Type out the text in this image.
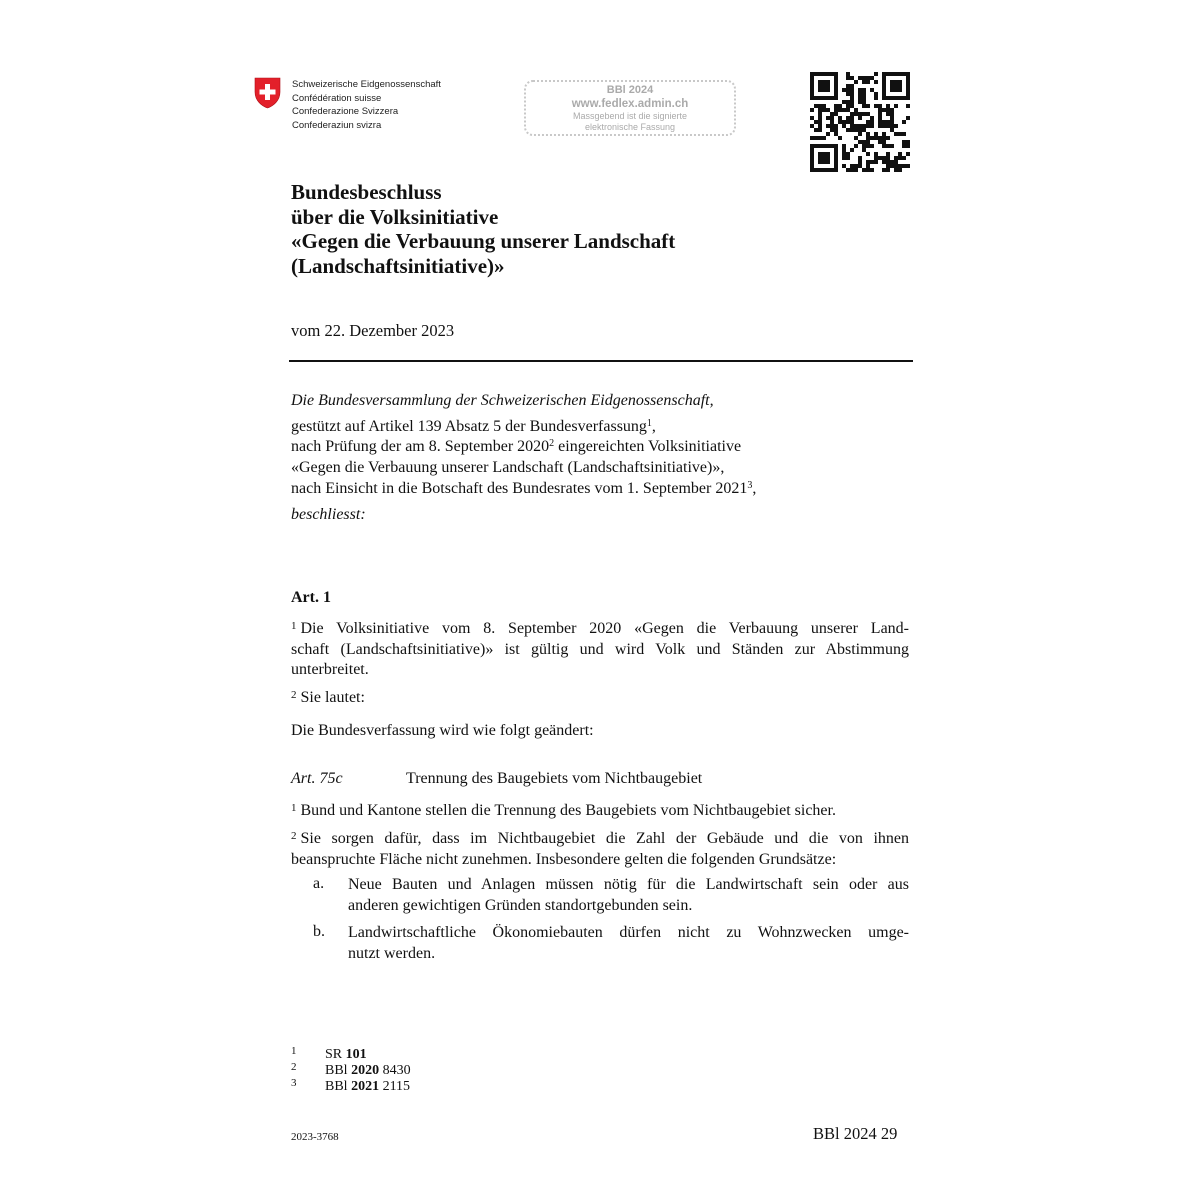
Schweizerische Eidgenossenschaft
Confédération suisse
Confederazione Svizzera
Confederaziun svizra
BBl 2024
www.fedlex.admin.ch
Massgebend ist die signierte
elektronische Fassung
Bundesbeschluss
über die Volksinitiative
«Gegen die Verbauung unserer Landschaft
(Landschaftsinitiative)»
vom 22. Dezember 2023
Die Bundesversammlung der Schweizerischen Eidgenossenschaft,
gestützt auf Artikel 139 Absatz 5 der Bundesverfassung$^1$,
nach Prüfung der am 8. September 2020$^2$ eingereichten Volksinitiative
«Gegen die Verbauung unserer Landschaft (Landschaftsinitiative)»,
nach Einsicht in die Botschaft des Bundesrates vom 1. September 2021$^3$,
beschliesst:
Art. 1
$^1$ Die Volksinitiative vom 8. September 2020 «Gegen die Verbauung unserer Land-
schaft (Landschaftsinitiative)» ist gültig und wird Volk und Ständen zur Abstimmung
unterbreitet.
$^2$ Sie lautet:
Die Bundesverfassung wird wie folgt geändert:
Art. 75c	Trennung des Baugebiets vom Nichtbaugebiet
$^1$ Bund und Kantone stellen die Trennung des Baugebiets vom Nichtbaugebiet sicher.
$^2$ Sie sorgen dafür, dass im Nichtbaugebiet die Zahl der Gebäude und die von ihnen
beanspruchte Fläche nicht zunehmen. Insbesondere gelten die folgenden Grundsätze:
a. Neue Bauten und Anlagen müssen nötig für die Landwirtschaft sein oder aus
anderen gewichtigen Gründen standortgebunden sein.
b. Landwirtschaftliche Ökonomiebauten dürfen nicht zu Wohnzwecken umge-
nutzt werden.
1 SR 101
2 BBl 2020 8430
3 BBl 2021 2115
2023-3768	BBl 2024 29
